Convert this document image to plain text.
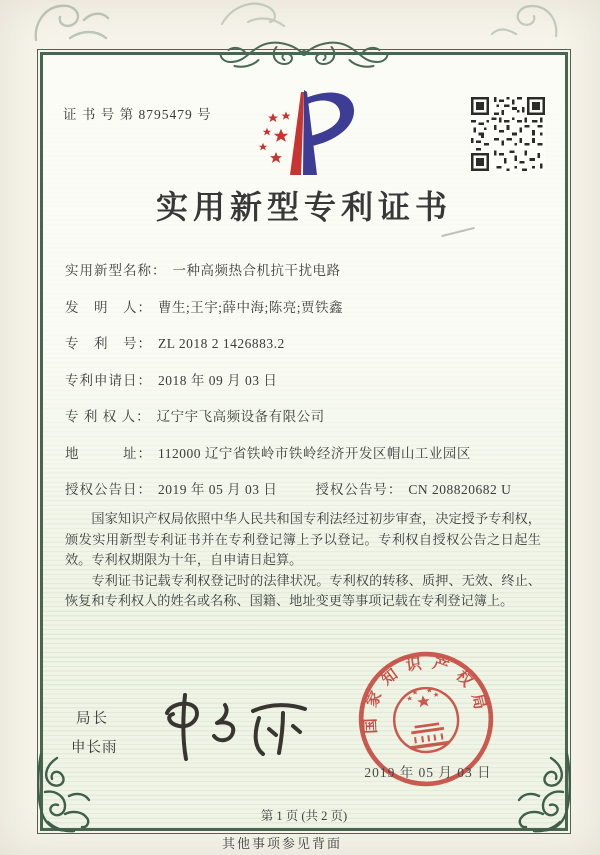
证 书 号 第 8795479 号
实用新型专利证书
实用新型名称： 一种高频热合机抗干扰电路
发　明　人： 曹生;王宇;薛中海;陈亮;贾铁鑫
专　利　号： ZL 2018 2 1426883.2
专利申请日： 2018 年 09 月 03 日
专 利 权 人： 辽宁宇飞高频设备有限公司
地　　　址： 112000 辽宁省铁岭市铁岭经济开发区帽山工业园区
授权公告日： 2019 年 05 月 03 日	授权公告号： CN 208820682 U

国家知识产权局依照中华人民共和国专利法经过初步审查，决定授予专利权，颁发实用新型专利证书并在专利登记簿上予以登记。专利权自授权公告之日起生效。专利权期限为十年，自申请日起算。

专利证书记载专利权登记时的法律状况。专利权的转移、质押、无效、终止、恢复和专利权人的姓名或名称、国籍、地址变更等事项记载在专利登记簿上。

局长
申长雨
国家知识产权局
2019 年 05 月 03 日
第 1 页 (共 2 页)
其他事项参见背面
